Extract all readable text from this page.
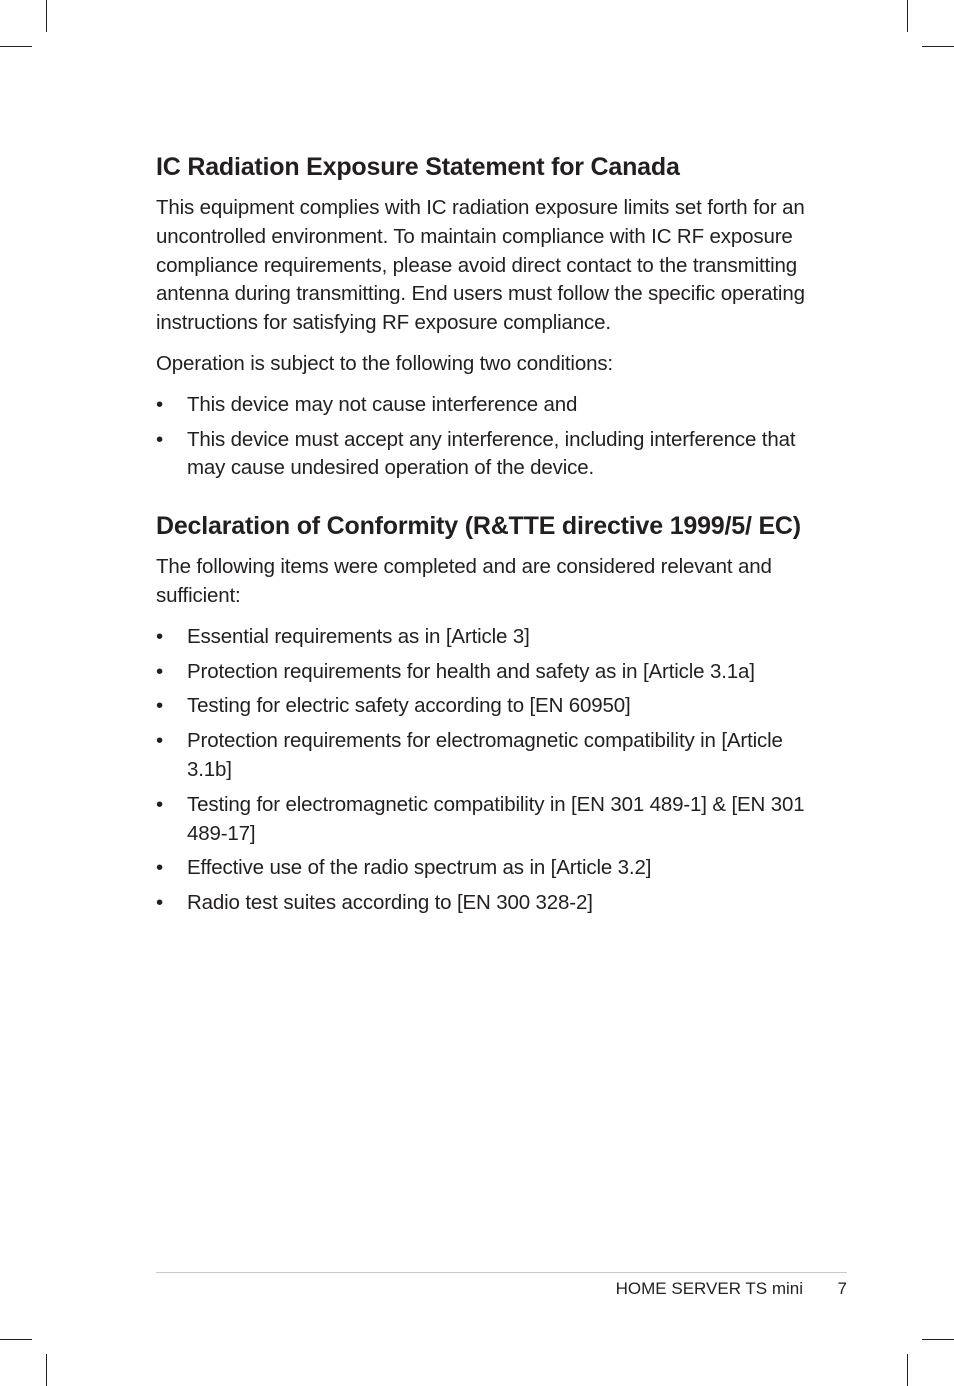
IC Radiation Exposure Statement for Canada

This equipment complies with IC radiation exposure limits set forth for an uncontrolled environment. To maintain compliance with IC RF exposure compliance requirements, please avoid direct contact to the transmitting antenna during transmitting. End users must follow the specific operating instructions for satisfying RF exposure compliance.

Operation is subject to the following two conditions:

• This device may not cause interference and
• This device must accept any interference, including interference that may cause undesired operation of the device.
Declaration of Conformity (R&TTE directive 1999/5/ EC)

The following items were completed and are considered relevant and sufficient:

• Essential requirements as in [Article 3]
• Protection requirements for health and safety as in [Article 3.1a]
• Testing for electric safety according to [EN 60950]
• Protection requirements for electromagnetic compatibility in [Article 3.1b]
• Testing for electromagnetic compatibility in [EN 301 489-1] & [EN 301 489-17]
• Effective use of the radio spectrum as in [Article 3.2]
• Radio test suites according to [EN 300 328-2]
HOME SERVER TS mini 7
